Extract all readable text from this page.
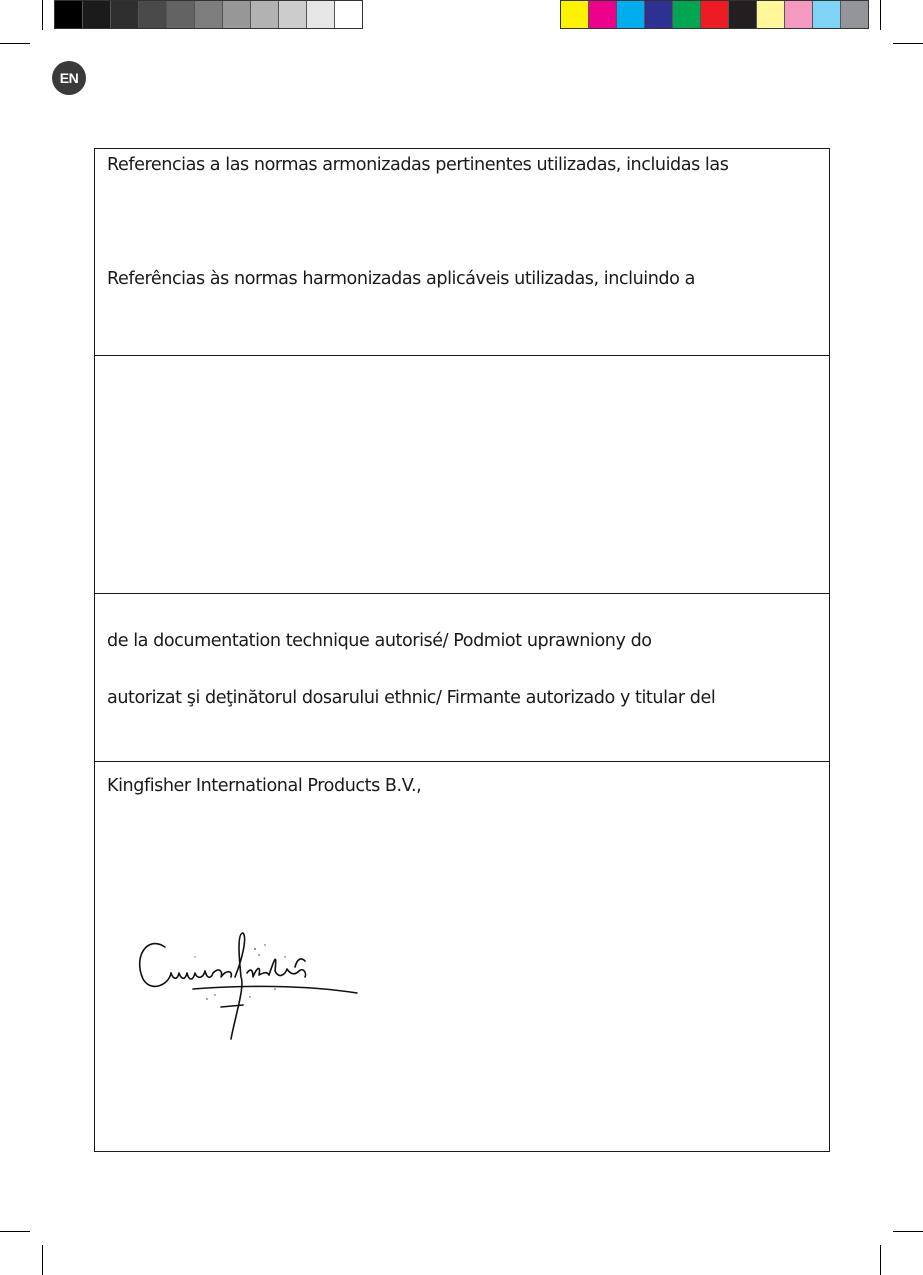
EN
Referencias a las normas armonizadas pertinentes utilizadas, incluidas las
Referências às normas harmonizadas aplicáveis utilizadas, incluindo a
de la documentation technique autorisé/ Podmiot uprawniony do
autorizat şi deţinătorul dosarului ethnic/ Firmante autorizado y titular del
Kingfisher International Products B.V.,
